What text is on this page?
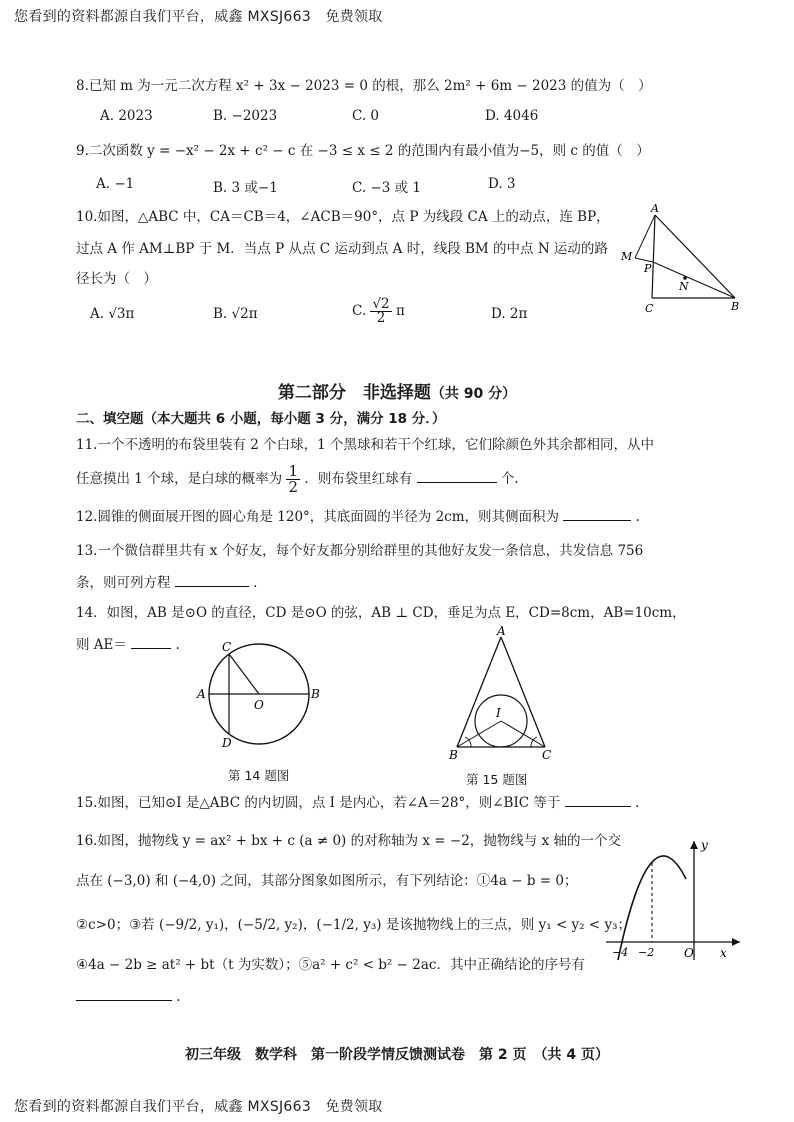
您看到的资料都源自我们平台，威鑫 MXSJ663　免费领取
8.已知 m 为一元二次方程 x² + 3x − 2023 = 0 的根，那么 2m² + 6m − 2023 的值为（　）
A. 2023	B. −2023	C. 0	D. 4046
9.二次函数 y = −x² − 2x + c² − c 在 −3 ≤ x ≤ 2 的范围内有最小值为−5，则 c 的值（　）
A. −1	B. 3 或−1	C. −3 或 1	D. 3
10.如图，△ABC 中，CA＝CB＝4，∠ACB＝90°，点 P 为线段 CA 上的动点，连 BP，
过点 A 作 AM⊥BP 于 M．当点 P 从点 C 运动到点 A 时，线段 BM 的中点 N 运动的路
径长为（　）
A. √3π	B. √2π	C. $\frac{√2}{2}$ π	D. 2π
A
M
P
N
C	B
第二部分　非选择题（共 90 分）
二、填空题（本大题共 6 小题，每小题 3 分，满分 18 分．）
11.一个不透明的布袋里装有 2 个白球，1 个黑球和若干个红球，它们除颜色外其余都相同，从中
任意摸出 1 个球，是白球的概率为 $\frac{1}{2}$ ．则布袋里红球有	个.
12.圆锥的侧面展开图的圆心角是 120°，其底面圆的半径为 2cm，则其侧面积为	.
13.一个微信群里共有 x 个好友，每个好友都分别给群里的其他好友发一条信息，共发信息 756
条，则可列方程	.
14．如图，AB 是⊙O 的直径，CD 是⊙O 的弦，AB ⊥ CD，垂足为点 E，CD=8cm，AB=10cm，
则 AE＝	.	C
A
O
B
D
第 14 题图
A
I
B	C
第 15 题图
15.如图，已知⊙I 是△ABC 的内切圆，点 I 是内心，若∠A＝28°，则∠BIC 等于	.
16.如图，抛物线 y = ax² + bx + c (a ≠ 0) 的对称轴为 x = −2，抛物线与 x 轴的一个交
点在 (−3,0) 和 (−4,0) 之间，其部分图象如图所示，有下列结论：①4a − b = 0；
②c>0；③若 (−9/2, y₁)，(−5/2, y₂)，(−1/2, y₃) 是该抛物线上的三点，则 y₁ < y₂ < y₃；
④4a − 2b ≥ at² + bt（t 为实数）；⑤a² + c² < b² − 2ac．其中正确结论的序号有
.
y
−4 −2 O x
初三年级　数学科　第一阶段学情反馈测试卷　第 2 页　（共 4 页）
您看到的资料都源自我们平台，威鑫 MXSJ663　免费领取
